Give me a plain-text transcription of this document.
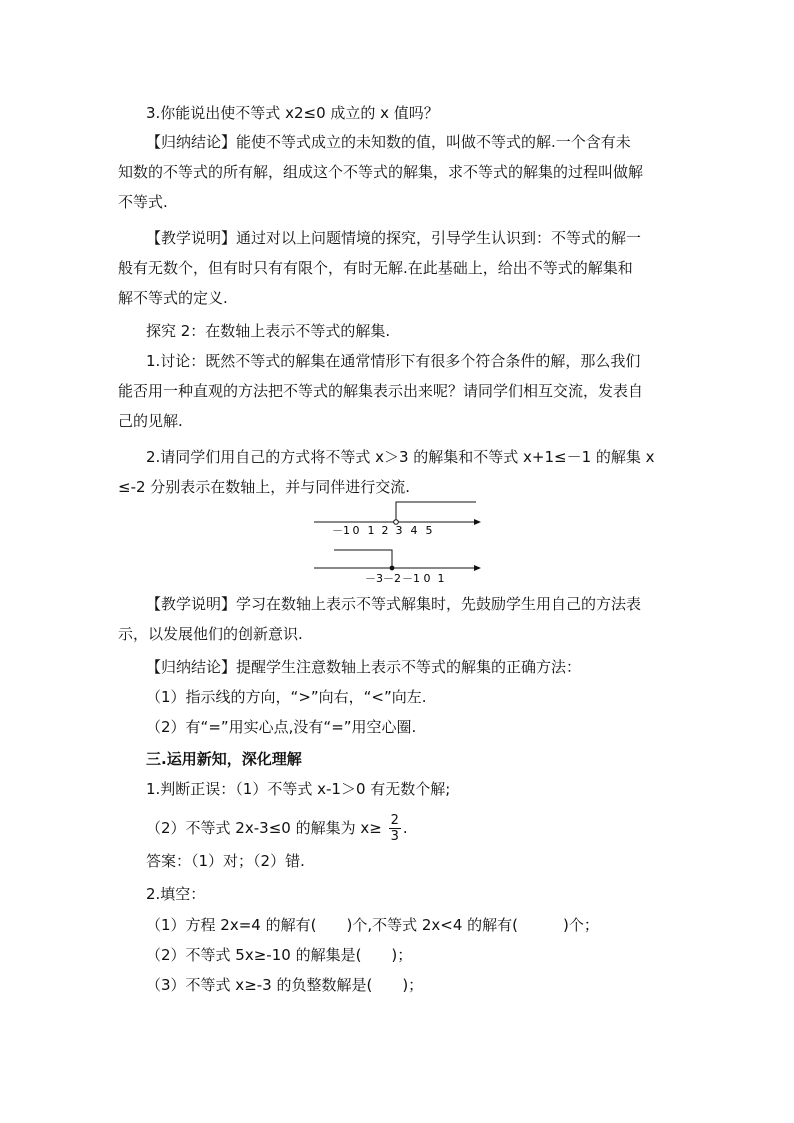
3.你能说出使不等式 x2≤0 成立的 x 值吗？
【归纳结论】能使不等式成立的未知数的值，叫做不等式的解.一个含有未
知数的不等式的所有解，组成这个不等式的解集，求不等式的解集的过程叫做解
不等式.
【教学说明】通过对以上问题情境的探究，引导学生认识到：不等式的解一
般有无数个，但有时只有有限个，有时无解.在此基础上，给出不等式的解集和
解不等式的定义.
探究 2：在数轴上表示不等式的解集.
1.讨论：既然不等式的解集在通常情形下有很多个符合条件的解，那么我们
能否用一种直观的方法把不等式的解集表示出来呢？请同学们相互交流，发表自
己的见解.
2.请同学们用自己的方式将不等式 x＞3 的解集和不等式 x+1≤－1 的解集 x
≤-2 分别表示在数轴上，并与同伴进行交流.
－1 0 1 2 3 4 5
－3 －2 －1 0 1
【教学说明】学习在数轴上表示不等式解集时，先鼓励学生用自己的方法表
示，以发展他们的创新意识.
【归纳结论】提醒学生注意数轴上表示不等式的解集的正确方法：
（1）指示线的方向，“>”向右，“<”向左.
（2）有“=”用实心点,没有“=”用空心圈.
三.运用新知，深化理解
1.判断正误：（1）不等式 x-1＞0 有无数个解;
（2）不等式 2x-3≤0 的解集为 $x\ge \frac{2}{3}$ .
答案：（1）对；（2）错.
2.填空：
（1）方程 2x=4 的解有(　　)个,不等式 2x<4 的解有(　　　)个；
（2）不等式 5x≥-10 的解集是(　　)；
（3）不等式 x≥-3 的负整数解是(　　)；
